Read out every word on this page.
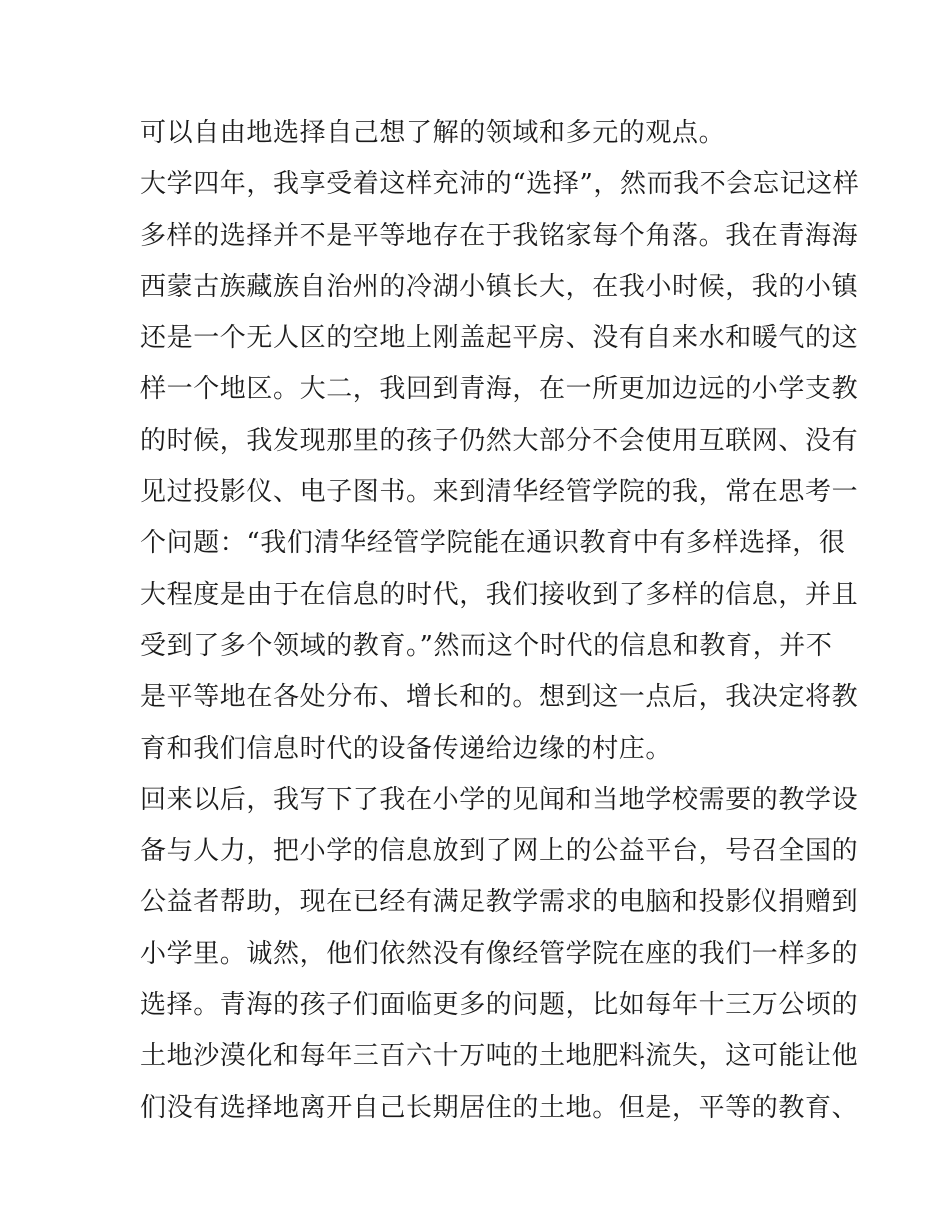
可以自由地选择自己想了解的领域和多元的观点。
大学四年，我享受着这样充沛的“选择”，然而我不会忘记这样
多样的选择并不是平等地存在于我铭家每个角落。我在青海海
西蒙古族藏族自治州的冷湖小镇长大，在我小时候，我的小镇
还是一个无人区的空地上刚盖起平房、没有自来水和暖气的这
样一个地区。大二，我回到青海，在一所更加边远的小学支教
的时候，我发现那里的孩子仍然大部分不会使用互联网、没有
见过投影仪、电子图书。来到清华经管学院的我，常在思考一
个问题：“我们清华经管学院能在通识教育中有多样选择，很
大程度是由于在信息的时代，我们接收到了多样的信息，并且
受到了多个领域的教育。”然而这个时代的信息和教育，并不
是平等地在各处分布、增长和的。想到这一点后，我决定将教
育和我们信息时代的设备传递给边缘的村庄。
回来以后，我写下了我在小学的见闻和当地学校需要的教学设
备与人力，把小学的信息放到了网上的公益平台，号召全国的
公益者帮助，现在已经有满足教学需求的电脑和投影仪捐赠到
小学里。诚然，他们依然没有像经管学院在座的我们一样多的
选择。青海的孩子们面临更多的问题，比如每年十三万公顷的
土地沙漠化和每年三百六十万吨的土地肥料流失，这可能让他
们没有选择地离开自己长期居住的土地。但是，平等的教育、
